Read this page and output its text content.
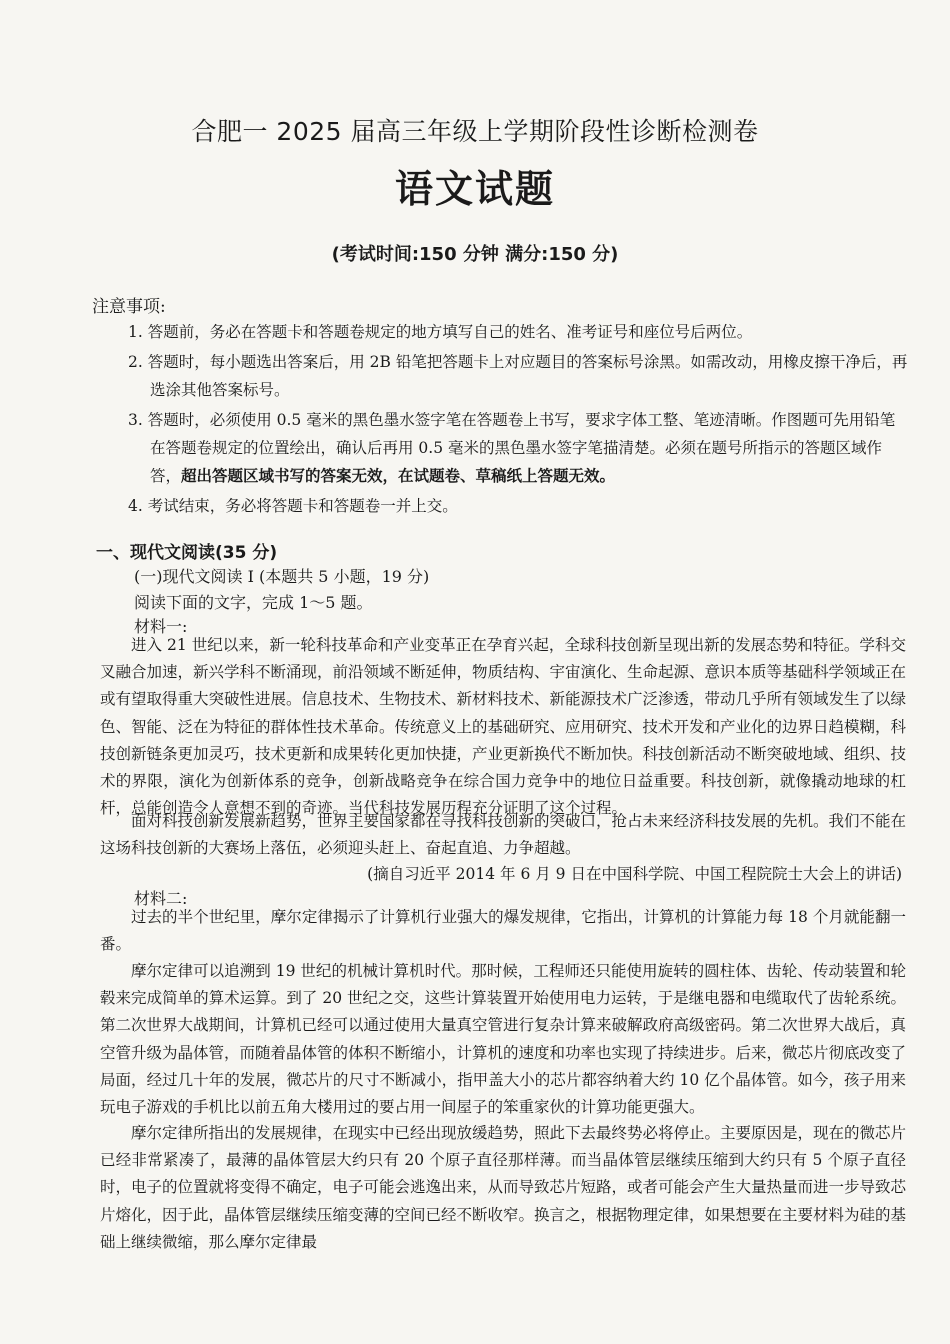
合肥一 2025 届高三年级上学期阶段性诊断检测卷
语文试题
(考试时间:150 分钟 满分:150 分)
注意事项:

1. 答题前，务必在答题卡和答题卷规定的地方填写自己的姓名、准考证号和座位号后两位。

2. 答题时，每小题选出答案后，用 2B 铅笔把答题卡上对应题目的答案标号涂黑。如需改动，用橡皮擦干净后，再选涂其他答案标号。

3. 答题时，必须使用 0.5 毫米的黑色墨水签字笔在答题卷上书写，要求字体工整、笔迹清晰。作图题可先用铅笔在答题卷规定的位置绘出，确认后再用 0.5 毫米的黑色墨水签字笔描清楚。必须在题号所指示的答题区域作答，超出答题区域书写的答案无效，在试题卷、草稿纸上答题无效。

4. 考试结束，务必将答题卡和答题卷一并上交。

一、现代文阅读(35 分)
(一)现代文阅读 I (本题共 5 小题，19 分)
阅读下面的文字，完成 1～5 题。
材料一:

进入 21 世纪以来，新一轮科技革命和产业变革正在孕育兴起，全球科技创新呈现出新的发展态势和特征。学科交叉融合加速，新兴学科不断涌现，前沿领域不断延伸，物质结构、宇宙演化、生命起源、意识本质等基础科学领域正在或有望取得重大突破性进展。信息技术、生物技术、新材料技术、新能源技术广泛渗透，带动几乎所有领域发生了以绿色、智能、泛在为特征的群体性技术革命。传统意义上的基础研究、应用研究、技术开发和产业化的边界日趋模糊，科技创新链条更加灵巧，技术更新和成果转化更加快捷，产业更新换代不断加快。科技创新活动不断突破地域、组织、技术的界限，演化为创新体系的竞争，创新战略竞争在综合国力竞争中的地位日益重要。科技创新，就像撬动地球的杠杆，总能创造令人意想不到的奇迹。当代科技发展历程充分证明了这个过程。

面对科技创新发展新趋势，世界主要国家都在寻找科技创新的突破口，抢占未来经济科技发展的先机。我们不能在这场科技创新的大赛场上落伍，必须迎头赶上、奋起直追、力争超越。

(摘自习近平 2014 年 6 月 9 日在中国科学院、中国工程院院士大会上的讲话)
材料二:

过去的半个世纪里，摩尔定律揭示了计算机行业强大的爆发规律，它指出，计算机的计算能力每 18 个月就能翻一番。

摩尔定律可以追溯到 19 世纪的机械计算机时代。那时候，工程师还只能使用旋转的圆柱体、齿轮、传动装置和轮毂来完成简单的算术运算。到了 20 世纪之交，这些计算装置开始使用电力运转，于是继电器和电缆取代了齿轮系统。第二次世界大战期间，计算机已经可以通过使用大量真空管进行复杂计算来破解政府高级密码。第二次世界大战后，真空管升级为晶体管，而随着晶体管的体积不断缩小，计算机的速度和功率也实现了持续进步。后来，微芯片彻底改变了局面，经过几十年的发展，微芯片的尺寸不断减小，指甲盖大小的芯片都容纳着大约 10 亿个晶体管。如今，孩子用来玩电子游戏的手机比以前五角大楼用过的要占用一间屋子的笨重家伙的计算功能更强大。

摩尔定律所指出的发展规律，在现实中已经出现放缓趋势，照此下去最终势必将停止。主要原因是，现在的微芯片已经非常紧凑了，最薄的晶体管层大约只有 20 个原子直径那样薄。而当晶体管层继续压缩到大约只有 5 个原子直径时，电子的位置就将变得不确定，电子可能会逃逸出来，从而导致芯片短路，或者可能会产生大量热量而进一步导致芯片熔化，因于此，晶体管层继续压缩变薄的空间已经不断收窄。换言之，根据物理定律，如果想要在主要材料为硅的基础上继续微缩，那么摩尔定律最
